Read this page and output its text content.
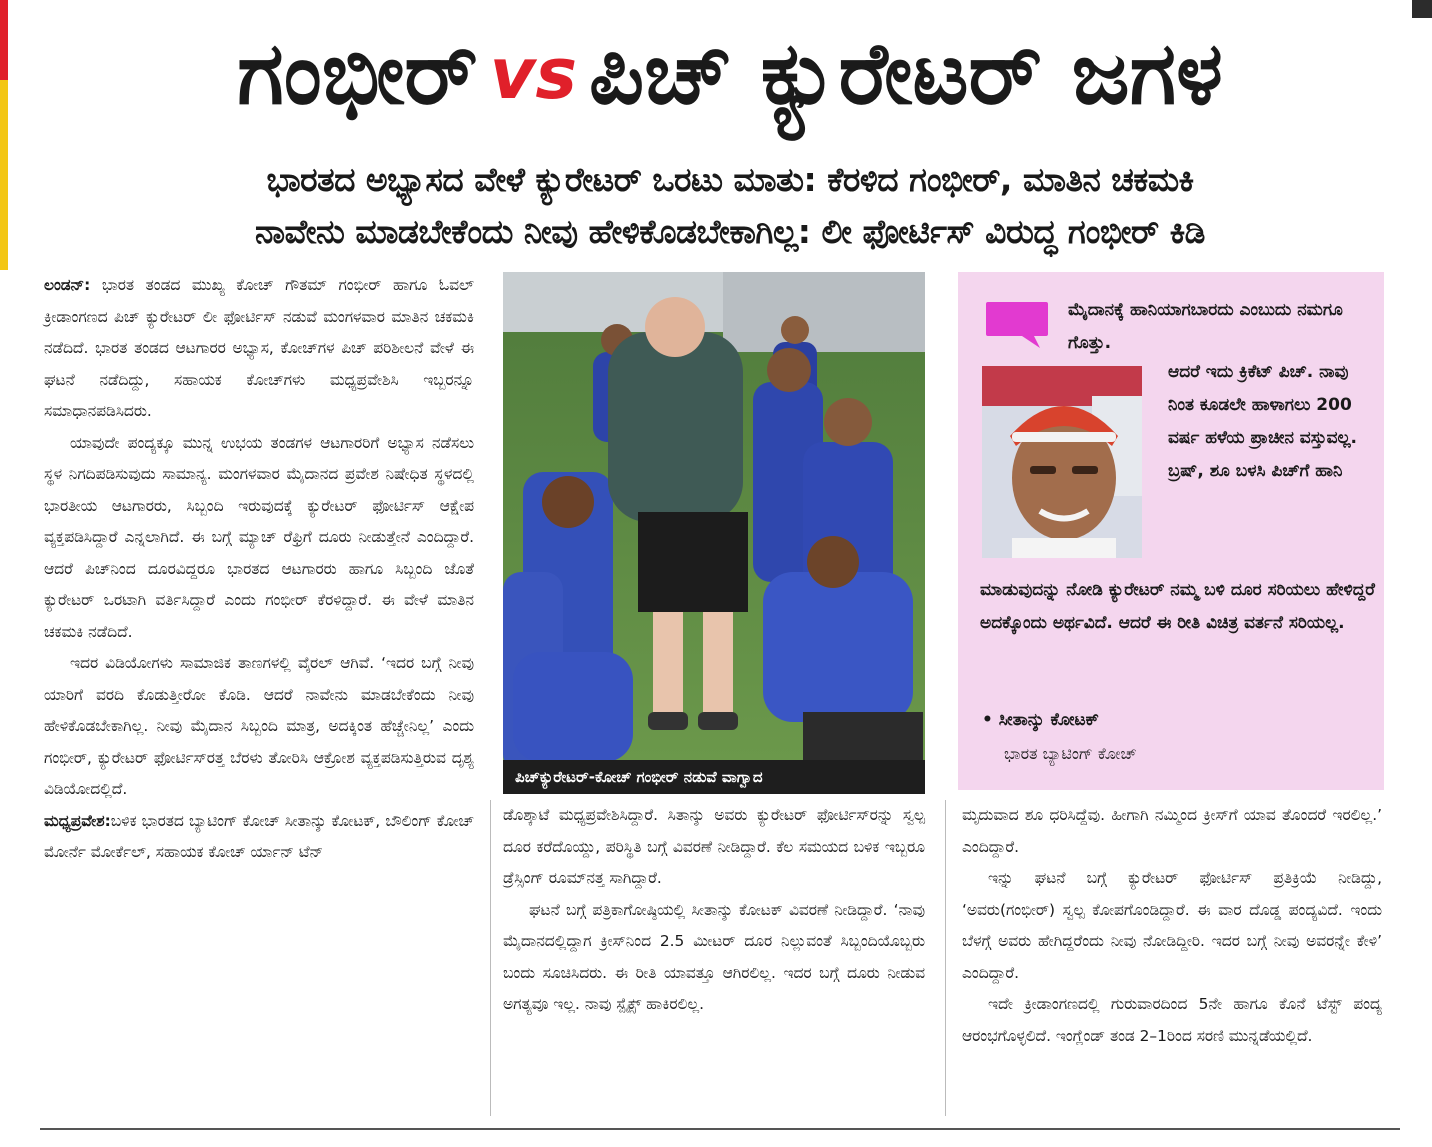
ಗಂಭೀರ್ vs ಪಿಚ್ ಕ್ಯುರೇಟರ್ ಜಗಳ
ಭಾರತದ ಅಭ್ಯಾಸದ ವೇಳೆ ಕ್ಯುರೇಟರ್ ಒರಟು ಮಾತು: ಕೆರಳಿದ ಗಂಭೀರ್, ಮಾತಿನ ಚಕಮಕಿ
ನಾವೇನು ಮಾಡಬೇಕೆಂದು ನೀವು ಹೇಳಿಕೊಡಬೇಕಾಗಿಲ್ಲ: ಲೀ ಫೋರ್ಟಿಸ್ ವಿರುದ್ಧ ಗಂಭೀರ್ ಕಿಡಿ

ಲಂಡನ್: ಭಾರತ ತಂಡದ ಮುಖ್ಯ ಕೋಚ್ ಗೌತಮ್ ಗಂಭೀರ್ ಹಾಗೂ ಓವಲ್ ಕ್ರೀಡಾಂಗಣದ ಪಿಚ್ ಕ್ಯುರೇಟರ್ ಲೀ ಫೋರ್ಟಿಸ್ ನಡುವೆ ಮಂಗಳವಾರ ಮಾತಿನ ಚಕಮಕಿ ನಡೆದಿದೆ. ಭಾರತ ತಂಡದ ಆಟಗಾರರ ಅಭ್ಯಾಸ, ಕೋಚ್‌ಗಳ ಪಿಚ್ ಪರಿಶೀಲನೆ ವೇಳೆ ಈ ಘಟನೆ ನಡೆದಿದ್ದು, ಸಹಾಯಕ ಕೋಚ್‌ಗಳು ಮಧ್ಯಪ್ರವೇಶಿಸಿ ಇಬ್ಬರನ್ನೂ ಸಮಾಧಾನಪಡಿಸಿದರು.

ಯಾವುದೇ ಪಂದ್ಯಕ್ಕೂ ಮುನ್ನ ಉಭಯ ತಂಡಗಳ ಆಟಗಾರರಿಗೆ ಅಭ್ಯಾಸ ನಡೆಸಲು ಸ್ಥಳ ನಿಗದಿಪಡಿಸುವುದು ಸಾಮಾನ್ಯ. ಮಂಗಳವಾರ ಮೈದಾನದ ಪ್ರವೇಶ ನಿಷೇಧಿತ ಸ್ಥಳದಲ್ಲಿ ಭಾರತೀಯ ಆಟಗಾರರು, ಸಿಬ್ಬಂದಿ ಇರುವುದಕ್ಕೆ ಕ್ಯುರೇಟರ್ ಫೋರ್ಟಿಸ್ ಆಕ್ಷೇಪ ವ್ಯಕ್ತಪಡಿಸಿದ್ದಾರೆ ಎನ್ನಲಾಗಿದೆ. ಈ ಬಗ್ಗೆ ಮ್ಯಾಚ್ ರೆಫ್ರಿಗೆ ದೂರು ನೀಡುತ್ತೇನೆ ಎಂದಿದ್ದಾರೆ. ಆದರೆ ಪಿಚ್‌ನಿಂದ ದೂರವಿದ್ದರೂ ಭಾರತದ ಆಟಗಾರರು ಹಾಗೂ ಸಿಬ್ಬಂದಿ ಜೊತೆ ಕ್ಯುರೇಟರ್ ಒರಟಾಗಿ ವರ್ತಿಸಿದ್ದಾರೆ ಎಂದು ಗಂಭೀರ್ ಕೆರಳಿದ್ದಾರೆ. ಈ ವೇಳೆ ಮಾತಿನ ಚಕಮಕಿ ನಡೆದಿದೆ.

ಇದರ ವಿಡಿಯೋಗಳು ಸಾಮಾಜಿಕ ತಾಣಗಳಲ್ಲಿ ವೈರಲ್ ಆಗಿವೆ. ‘ಇದರ ಬಗ್ಗೆ ನೀವು ಯಾರಿಗೆ ವರದಿ ಕೊಡುತ್ತೀರೋ ಕೊಡಿ. ಆದರೆ ನಾವೇನು ಮಾಡಬೇಕೆಂದು ನೀವು ಹೇಳಿಕೊಡಬೇಕಾಗಿಲ್ಲ. ನೀವು ಮೈದಾನ ಸಿಬ್ಬಂದಿ ಮಾತ್ರ, ಅದಕ್ಕಿಂತ ಹೆಚ್ಚೇನಿಲ್ಲ’ ಎಂದು ಗಂಭೀರ್, ಕ್ಯುರೇಟರ್ ಫೋರ್ಟಿಸ್‌ರತ್ತ ಬೆರಳು ತೋರಿಸಿ ಆಕ್ರೋಶ ವ್ಯಕ್ತಪಡಿಸುತ್ತಿರುವ ದೃಶ್ಯ ವಿಡಿಯೋದಲ್ಲಿದೆ.

ಮಧ್ಯಪ್ರವೇಶ:ಬಳಿಕ ಭಾರತದ ಬ್ಯಾಟಿಂಗ್ ಕೋಚ್ ಸೀತಾನ್ಶು ಕೋಟಕ್, ಬೌಲಿಂಗ್ ಕೋಚ್ ಮೋರ್ನೆ ಮೋರ್ಕೆಲ್, ಸಹಾಯಕ ಕೋಚ್ ರ್ಯಾನ್ ಟೆನ್

ಪಿಚ್‌ಕ್ಯುರೇಟರ್-ಕೋಚ್ ಗಂಭೀರ್ ನಡುವೆ ವಾಗ್ವಾದ
ಮೈದಾನಕ್ಕೆ ಹಾನಿಯಾಗಬಾರದು ಎಂಬುದು ನಮಗೂ ಗೊತ್ತು.
ಆದರೆ ಇದು ಕ್ರಿಕೆಟ್ ಪಿಚ್. ನಾವು ನಿಂತ ಕೂಡಲೇ ಹಾಳಾಗಲು 200 ವರ್ಷ ಹಳೆಯ ಪ್ರಾಚೀನ ವಸ್ತುವಲ್ಲ. ಬ್ರಷ್, ಶೂ ಬಳಸಿ ಪಿಚ್‌ಗೆ ಹಾನಿ
ಮಾಡುವುದನ್ನು ನೋಡಿ ಕ್ಯುರೇಟರ್ ನಮ್ಮ ಬಳಿ ದೂರ ಸರಿಯಲು ಹೇಳಿದ್ದರೆ ಅದಕ್ಕೊಂದು ಅರ್ಥವಿದೆ. ಆದರೆ ಈ ರೀತಿ ವಿಚಿತ್ರ ವರ್ತನೆ ಸರಿಯಲ್ಲ.
• ಸೀತಾನ್ಶು ಕೋಟಕ್
ಭಾರತ ಬ್ಯಾಟಿಂಗ್ ಕೋಚ್

ಡೊಶ್ಕಾಟೆ ಮಧ್ಯಪ್ರವೇಶಿಸಿದ್ದಾರೆ. ಸಿತಾನ್ಶು ಅವರು ಕ್ಯುರೇಟರ್ ಫೋರ್ಟಿಸ್‌ರನ್ನು ಸ್ವಲ್ಪ ದೂರ ಕರೆದೊಯ್ದು, ಪರಿಸ್ಥಿತಿ ಬಗ್ಗೆ ವಿವರಣೆ ನೀಡಿದ್ದಾರೆ. ಕೆಲ ಸಮಯದ ಬಳಿಕ ಇಬ್ಬರೂ ಡ್ರೆಸ್ಸಿಂಗ್ ರೂಮ್‌ನತ್ತ ಸಾಗಿದ್ದಾರೆ.

ಘಟನೆ ಬಗ್ಗೆ ಪತ್ರಿಕಾಗೋಷ್ಠಿಯಲ್ಲಿ ಸೀತಾನ್ಶು ಕೋಟಕ್ ವಿವರಣೆ ನೀಡಿದ್ದಾರೆ. ‘ನಾವು ಮೈದಾನದಲ್ಲಿದ್ದಾಗ ಕ್ರೀಸ್‌ನಿಂದ 2.5 ಮೀಟರ್ ದೂರ ನಿಲ್ಲುವಂತೆ ಸಿಬ್ಬಂದಿಯೊಬ್ಬರು ಬಂದು ಸೂಚಿಸಿದರು. ಈ ರೀತಿ ಯಾವತ್ತೂ ಆಗಿರಲಿಲ್ಲ. ಇದರ ಬಗ್ಗೆ ದೂರು ನೀಡುವ ಅಗತ್ಯವೂ ಇಲ್ಲ. ನಾವು ಸ್ಪೈಕ್ಸ್ ಹಾಕಿರಲಿಲ್ಲ.

ಮೃದುವಾದ ಶೂ ಧರಿಸಿದ್ದೆವು. ಹೀಗಾಗಿ ನಮ್ಮಿಂದ ಕ್ರೀಸ್‌ಗೆ ಯಾವ ತೊಂದರೆ ಇರಲಿಲ್ಲ.’ ಎಂದಿದ್ದಾರೆ.

ಇನ್ನು ಘಟನೆ ಬಗ್ಗೆ ಕ್ಯುರೇಟರ್ ಫೋರ್ಟಿಸ್ ಪ್ರತಿಕ್ರಿಯೆ ನೀಡಿದ್ದು, ‘ಅವರು(ಗಂಭೀರ್) ಸ್ವಲ್ಪ ಕೋಪಗೊಂಡಿದ್ದಾರೆ. ಈ ವಾರ ದೊಡ್ಡ ಪಂದ್ಯವಿದೆ. ಇಂದು ಬೆಳಗ್ಗೆ ಅವರು ಹೇಗಿದ್ದರೆಂದು ನೀವು ನೋಡಿದ್ದೀರಿ. ಇದರ ಬಗ್ಗೆ ನೀವು ಅವರನ್ನೇ ಕೇಳಿ’ ಎಂದಿದ್ದಾರೆ.

ಇದೇ ಕ್ರೀಡಾಂಗಣದಲ್ಲಿ ಗುರುವಾರದಿಂದ 5ನೇ ಹಾಗೂ ಕೊನೆ ಟೆಸ್ಟ್ ಪಂದ್ಯ ಆರಂಭಗೊಳ್ಳಲಿದೆ. ಇಂಗ್ಲೆಂಡ್ ತಂಡ 2–1ರಿಂದ ಸರಣಿ ಮುನ್ನಡೆಯಲ್ಲಿದೆ.
